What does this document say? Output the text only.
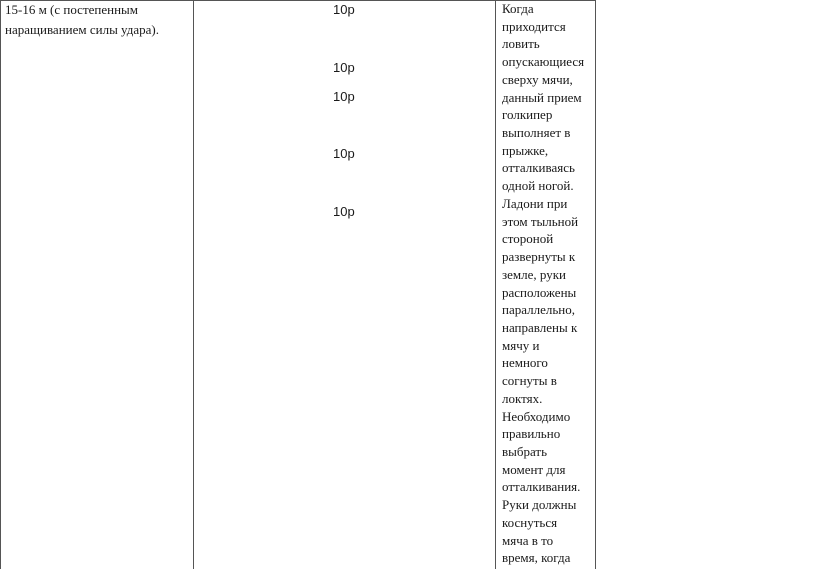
15-16 м (с постепенным наращиванием силы удара).
10р
10р
10р
10р
10р
Когда
приходится
ловить
опускающиеся
сверху мячи,
данный прием
голкипер
выполняет в
прыжке,
отталкиваясь
одной ногой.
Ладони при
этом тыльной
стороной
развернуты к
земле, руки
расположены
параллельно,
направлены к
мячу и
немного
согнуты в
локтях.
Необходимо
правильно
выбрать
момент для
отталкивания.
Руки должны
коснуться
мяча в то
время, когда
